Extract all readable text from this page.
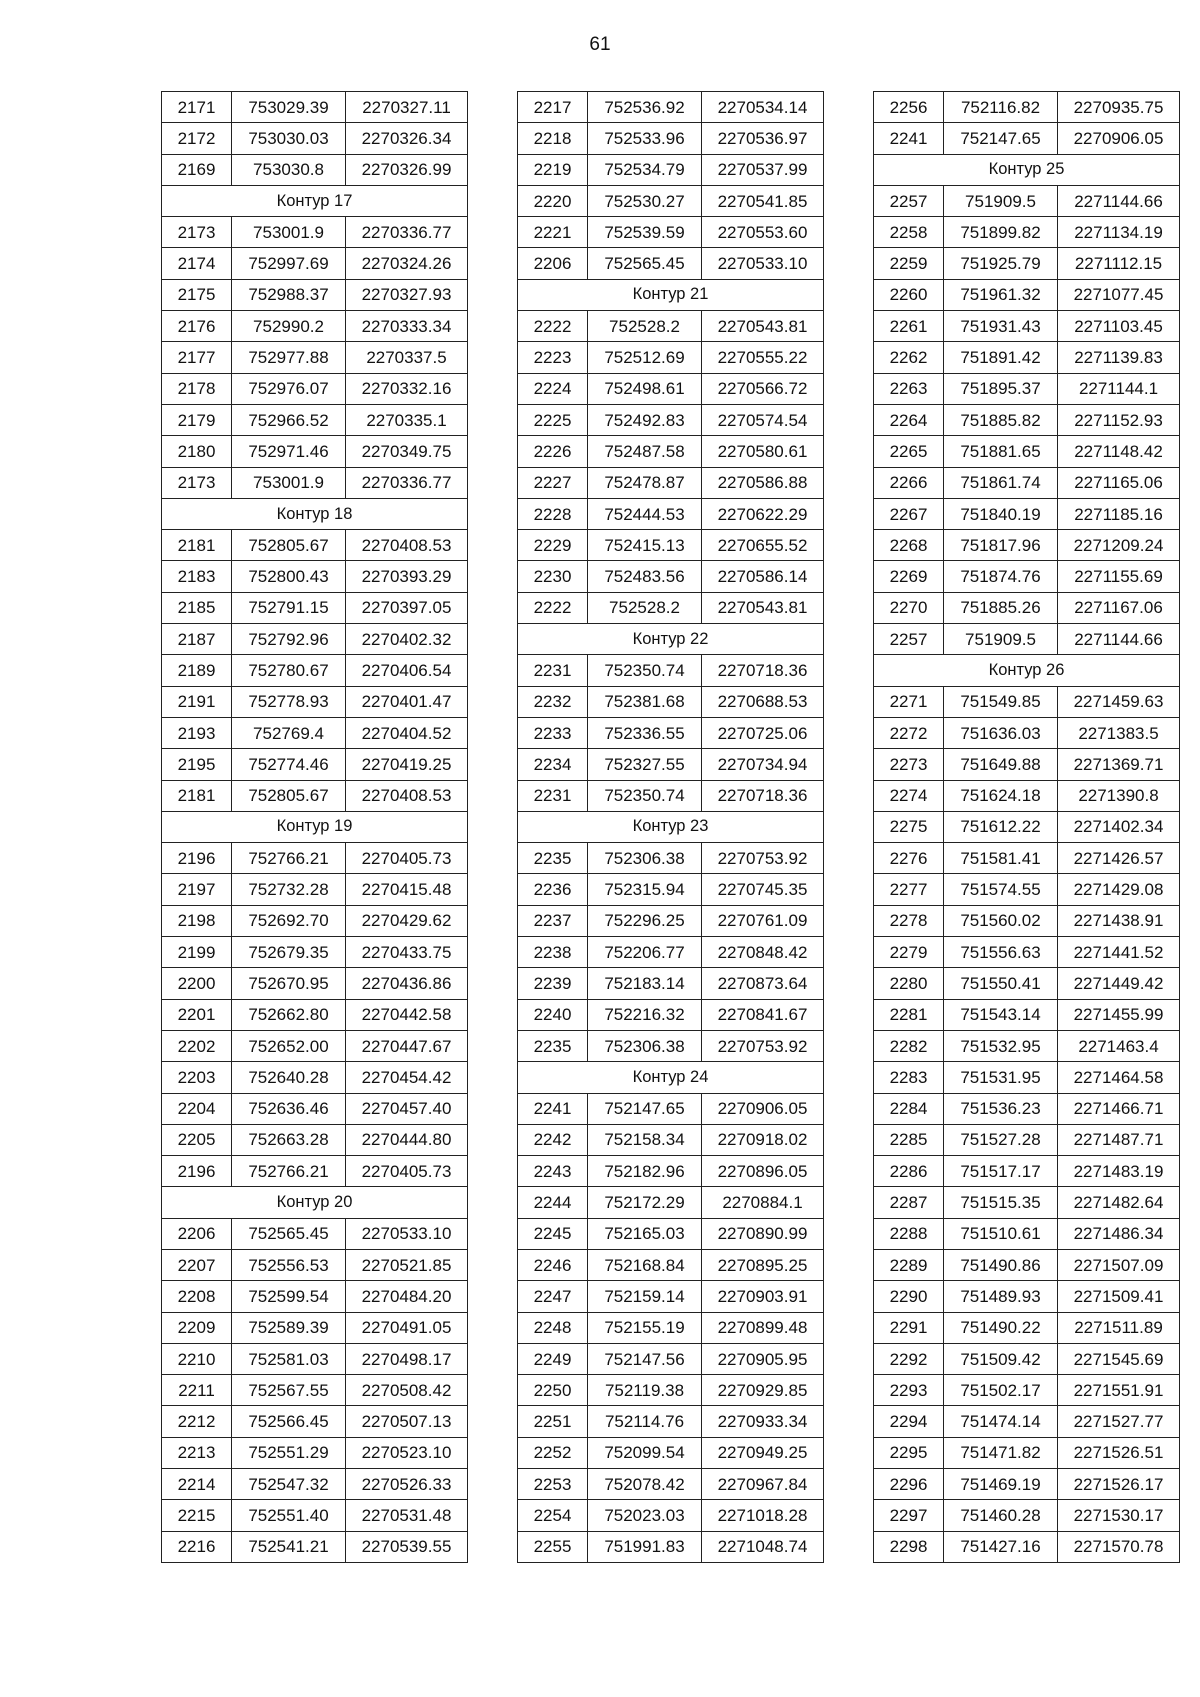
61
2171	753029.39	2270327.11
2172	753030.03	2270326.34
2169	753030.8	2270326.99
Контур 17		
2173	753001.9	2270336.77
2174	752997.69	2270324.26
2175	752988.37	2270327.93
2176	752990.2	2270333.34
2177	752977.88	2270337.5
2178	752976.07	2270332.16
2179	752966.52	2270335.1
2180	752971.46	2270349.75
2173	753001.9	2270336.77
Контур 18		
2181	752805.67	2270408.53
2183	752800.43	2270393.29
2185	752791.15	2270397.05
2187	752792.96	2270402.32
2189	752780.67	2270406.54
2191	752778.93	2270401.47
2193	752769.4	2270404.52
2195	752774.46	2270419.25
2181	752805.67	2270408.53
Контур 19		
2196	752766.21	2270405.73
2197	752732.28	2270415.48
2198	752692.70	2270429.62
2199	752679.35	2270433.75
2200	752670.95	2270436.86
2201	752662.80	2270442.58
2202	752652.00	2270447.67
2203	752640.28	2270454.42
2204	752636.46	2270457.40
2205	752663.28	2270444.80
2196	752766.21	2270405.73
Контур 20		
2206	752565.45	2270533.10
2207	752556.53	2270521.85
2208	752599.54	2270484.20
2209	752589.39	2270491.05
2210	752581.03	2270498.17
2211	752567.55	2270508.42
2212	752566.45	2270507.13
2213	752551.29	2270523.10
2214	752547.32	2270526.33
2215	752551.40	2270531.48
2216	752541.21	2270539.55
2217	752536.92	2270534.14
2218	752533.96	2270536.97
2219	752534.79	2270537.99
2220	752530.27	2270541.85
2221	752539.59	2270553.60
2206	752565.45	2270533.10
Контур 21		
2222	752528.2	2270543.81
2223	752512.69	2270555.22
2224	752498.61	2270566.72
2225	752492.83	2270574.54
2226	752487.58	2270580.61
2227	752478.87	2270586.88
2228	752444.53	2270622.29
2229	752415.13	2270655.52
2230	752483.56	2270586.14
2222	752528.2	2270543.81
Контур 22		
2231	752350.74	2270718.36
2232	752381.68	2270688.53
2233	752336.55	2270725.06
2234	752327.55	2270734.94
2231	752350.74	2270718.36
Контур 23		
2235	752306.38	2270753.92
2236	752315.94	2270745.35
2237	752296.25	2270761.09
2238	752206.77	2270848.42
2239	752183.14	2270873.64
2240	752216.32	2270841.67
2235	752306.38	2270753.92
Контур 24		
2241	752147.65	2270906.05
2242	752158.34	2270918.02
2243	752182.96	2270896.05
2244	752172.29	2270884.1
2245	752165.03	2270890.99
2246	752168.84	2270895.25
2247	752159.14	2270903.91
2248	752155.19	2270899.48
2249	752147.56	2270905.95
2250	752119.38	2270929.85
2251	752114.76	2270933.34
2252	752099.54	2270949.25
2253	752078.42	2270967.84
2254	752023.03	2271018.28
2255	751991.83	2271048.74
2256	752116.82	2270935.75
2241	752147.65	2270906.05
Контур 25		
2257	751909.5	2271144.66
2258	751899.82	2271134.19
2259	751925.79	2271112.15
2260	751961.32	2271077.45
2261	751931.43	2271103.45
2262	751891.42	2271139.83
2263	751895.37	2271144.1
2264	751885.82	2271152.93
2265	751881.65	2271148.42
2266	751861.74	2271165.06
2267	751840.19	2271185.16
2268	751817.96	2271209.24
2269	751874.76	2271155.69
2270	751885.26	2271167.06
2257	751909.5	2271144.66
Контур 26		
2271	751549.85	2271459.63
2272	751636.03	2271383.5
2273	751649.88	2271369.71
2274	751624.18	2271390.8
2275	751612.22	2271402.34
2276	751581.41	2271426.57
2277	751574.55	2271429.08
2278	751560.02	2271438.91
2279	751556.63	2271441.52
2280	751550.41	2271449.42
2281	751543.14	2271455.99
2282	751532.95	2271463.4
2283	751531.95	2271464.58
2284	751536.23	2271466.71
2285	751527.28	2271487.71
2286	751517.17	2271483.19
2287	751515.35	2271482.64
2288	751510.61	2271486.34
2289	751490.86	2271507.09
2290	751489.93	2271509.41
2291	751490.22	2271511.89
2292	751509.42	2271545.69
2293	751502.17	2271551.91
2294	751474.14	2271527.77
2295	751471.82	2271526.51
2296	751469.19	2271526.17
2297	751460.28	2271530.17
2298	751427.16	2271570.78
